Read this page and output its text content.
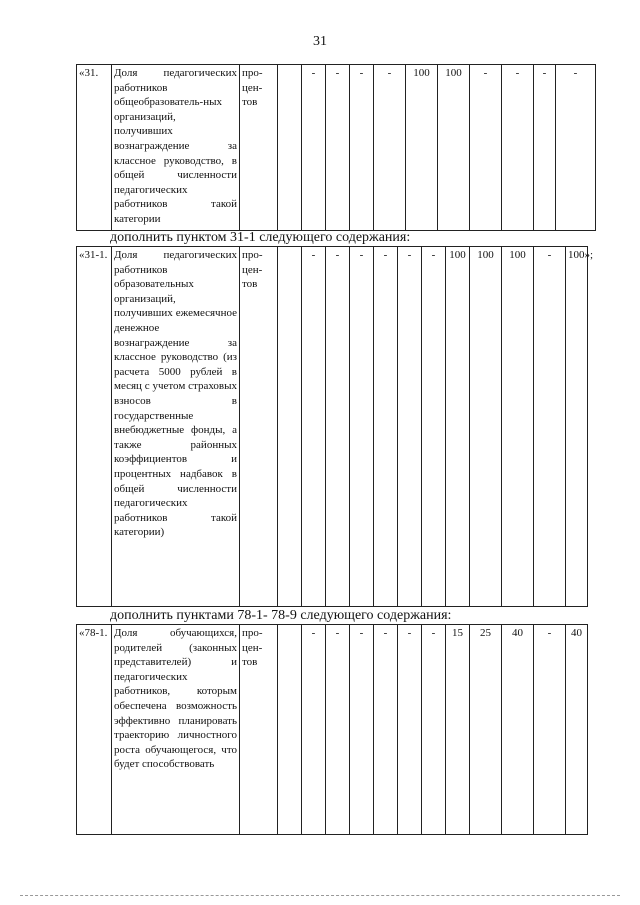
31
«31.	Доля педагогических работников общеобразователь-ных организаций, получивших вознаграждение за классное руководство, в общей численности педагогических работников такой категории	про-цен-тов		-	-	-	-	100	100	-	-	-	-	
дополнить пунктом 31-1 следующего содержания:
«31-1.	Доля педагогических работников образовательных организаций, получивших ежемесячное денежное вознаграждение за классное руководство (из расчета 5000 рублей в месяц с учетом страховых взносов в государственные внебюджетные фонды, а также районных коэффициентов и процентных надбавок в общей численности педагогических работников такой категории)	про-цен-тов		-	-	-	-	-	-	100	100	100	-	100»;
дополнить пунктами 78-1- 78-9 следующего содержания:
«78-1.	Доля обучающихся, родителей (законных представителей) и педагогических работников, которым обеспечена возможность эффективно планировать траекторию личностного роста обучающегося, что будет способствовать	про-цен-тов		-	-	-	-	-	-	15	25	40	-	40
